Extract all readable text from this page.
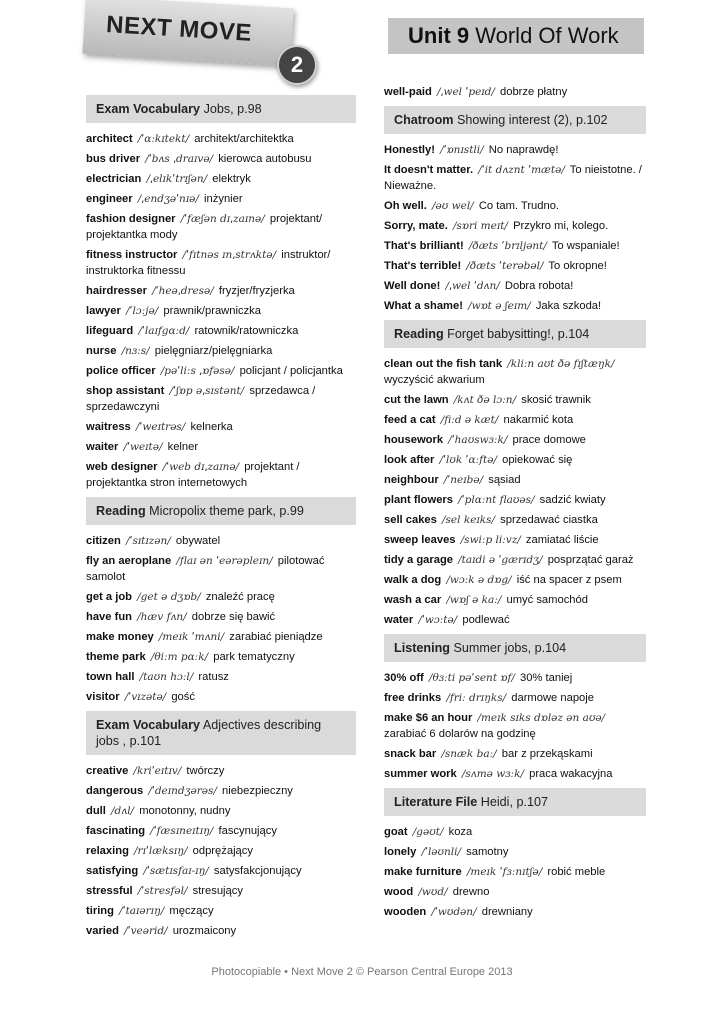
NEXT MOVE
2
Unit 9 World Of Work
Exam Vocabulary Jobs, p.98
architect /ˈɑːkɪtekt/ architekt/architektka
bus driver /ˈbʌs ˌdraɪvə/ kierowca autobusu
electrician /ˌelɪkˈtrɪʃən/ elektryk
engineer /ˌendʒəˈnɪə/ inżynier
fashion designer /ˈfæʃən dɪˌzaɪnə/ projektant/ projektantka mody
fitness instructor /ˈfɪtnəs ɪnˌstrʌktə/ instruktor/ instruktorka fitnessu
hairdresser /ˈheəˌdresə/ fryzjer/fryzjerka
lawyer /ˈlɔːjə/ prawnik/prawniczka
lifeguard /ˈlaɪfgɑːd/ ratownik/ratowniczka
nurse /nɜːs/ pielęgniarz/pielęgniarka
police officer /pəˈliːs ˌɒfəsə/ policjant / policjantka
shop assistant /ˈʃɒp əˌsɪstənt/ sprzedawca / sprzedawczyni
waitress /ˈweɪtrəs/ kelnerka
waiter /ˈweɪtə/ kelner
web designer /ˈweb dɪˌzaɪnə/ projektant / projektantka stron internetowych
Reading Micropolix theme park, p.99
citizen /ˈsɪtɪzən/ obywatel
fly an aeroplane /flaɪ ən ˈeərəpleɪn/ pilotować samolot
get a job /get ə dʒɒb/ znaleźć pracę
have fun /hæv fʌn/ dobrze się bawić
make money /meɪk ˈmʌni/ zarabiać pieniądze
theme park /θiːm pɑːk/ park tematyczny
town hall /taʊn hɔːl/ ratusz
visitor /ˈvɪzətə/ gość
Exam Vocabulary Adjectives describing jobs , p.101
creative /kriˈeɪtɪv/ twórczy
dangerous /ˈdeɪndʒərəs/ niebezpieczny
dull /dʌl/ monotonny, nudny
fascinating /ˈfæsɪneɪtɪŋ/ fascynujący
relaxing /rɪˈlæksɪŋ/ odprężający
satisfying /ˈsætɪsfaɪ-ɪŋ/ satysfakcjonujący
stressful /ˈstresfəl/ stresujący
tiring /ˈtaɪərɪŋ/ męczący
varied /ˈveərid/ urozmaicony
well-paid /ˌwel ˈpeɪd/ dobrze płatny
Chatroom Showing interest (2), p.102
Honestly! /ˈɒnɪstli/ No naprawdę!
It doesn't matter. /ˈit dʌznt ˈmætə/ To nieistotne. / Nieważne.
Oh well. /əʊ wel/ Co tam. Trudno.
Sorry, mate. /sɒri meɪt/ Przykro mi, kolego.
That's brilliant! /ðæts ˈbrɪljənt/ To wspaniale!
That's terrible! /ðæts ˈterəbəl/ To okropne!
Well done! /ˌwel ˈdʌn/ Dobra robota!
What a shame! /wɒt ə ʃeɪm/ Jaka szkoda!
Reading Forget babysitting!, p.104
clean out the fish tank /kliːn aʊt ðə fɪʃtæŋk/ wyczyścić akwarium
cut the lawn /kʌt ðə lɔːn/ skosić trawnik
feed a cat /fiːd ə kæt/ nakarmić kota
housework /ˈhaʊswɜːk/ prace domowe
look after /ˈlʊk ˈɑːftə/ opiekować się
neighbour /ˈneɪbə/ sąsiad
plant flowers /ˈplɑːnt flaʊəs/ sadzić kwiaty
sell cakes /sel keɪks/ sprzedawać ciastka
sweep leaves /swiːp liːvz/ zamiatać liście
tidy a garage /taɪdi ə ˈgærɪdʒ/ posprzątać garaż
walk a dog /wɔːk ə dɒg/ iść na spacer z psem
wash a car /wɒʃ ə kaː/ umyć samochód
water /ˈwɔːtə/ podlewać
Listening Summer jobs, p.104
30% off /θɜːti pəˈsent ɒf/ 30% taniej
free drinks /friː drɪŋks/ darmowe napoje
make $6 an hour /meɪk sɪks dɒləz ən aʊə/ zarabiać 6 dolarów na godzinę
snack bar /snæk baː/ bar z przekąskami
summer work /sʌmə wɜːk/ praca wakacyjna
Literature File Heidi, p.107
goat /gəʊt/ koza
lonely /ˈləʊnli/ samotny
make furniture /meɪk ˈfɜːnɪtʃə/ robić meble
wood /wʊd/ drewno
wooden /ˈwʊdən/ drewniany
Photocopiable • Next Move 2 © Pearson Central Europe 2013
